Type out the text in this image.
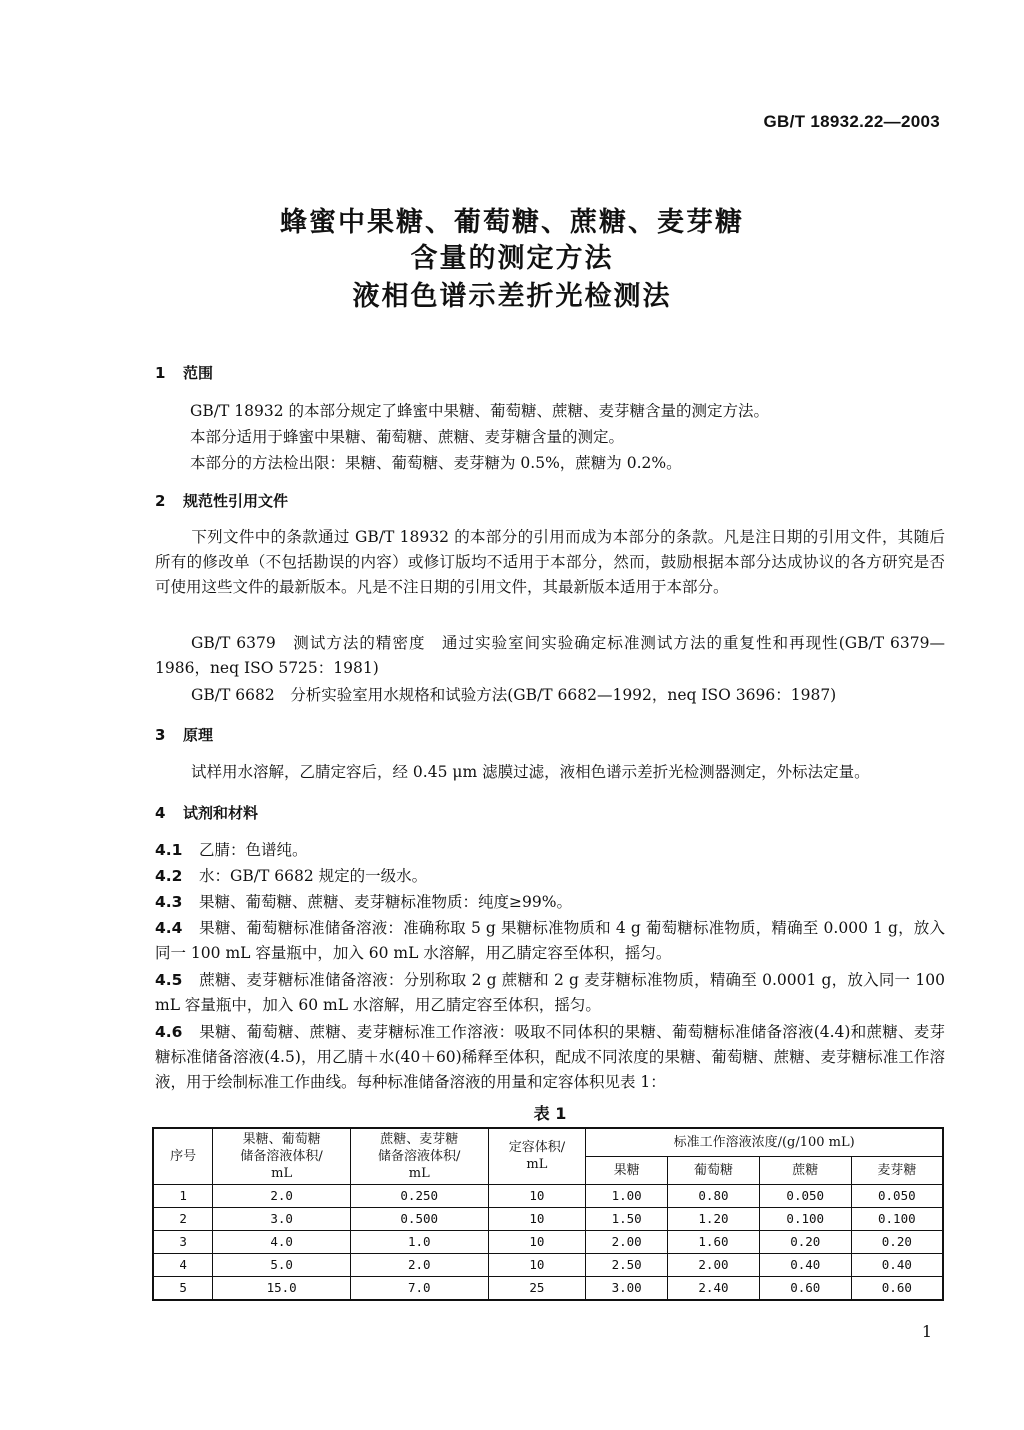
GB/T 18932.22—2003
蜂蜜中果糖、葡萄糖、蔗糖、麦芽糖
含量的测定方法
液相色谱示差折光检测法
1 范围
GB/T 18932 的本部分规定了蜂蜜中果糖、葡萄糖、蔗糖、麦芽糖含量的测定方法。
本部分适用于蜂蜜中果糖、葡萄糖、蔗糖、麦芽糖含量的测定。
本部分的方法检出限：果糖、葡萄糖、麦芽糖为 0.5%，蔗糖为 0.2%。
2 规范性引用文件
下列文件中的条款通过 GB/T 18932 的本部分的引用而成为本部分的条款。凡是注日期的引用文件，其随后所有的修改单（不包括勘误的内容）或修订版均不适用于本部分，然而，鼓励根据本部分达成协议的各方研究是否可使用这些文件的最新版本。凡是不注日期的引用文件，其最新版本适用于本部分。
GB/T 6379　测试方法的精密度　通过实验室间实验确定标准测试方法的重复性和再现性(GB/T 6379—1986，neq ISO 5725：1981)
GB/T 6682　分析实验室用水规格和试验方法(GB/T 6682—1992，neq ISO 3696：1987)
3 原理
试样用水溶解，乙腈定容后，经 0.45 μm 滤膜过滤，液相色谱示差折光检测器测定，外标法定量。
4 试剂和材料
4.1 乙腈：色谱纯。
4.2 水：GB/T 6682 规定的一级水。
4.3 果糖、葡萄糖、蔗糖、麦芽糖标准物质：纯度≥99%。
4.4 果糖、葡萄糖标准储备溶液：准确称取 5 g 果糖标准物质和 4 g 葡萄糖标准物质，精确至 0.000 1 g，放入同一 100 mL 容量瓶中，加入 60 mL 水溶解，用乙腈定容至体积，摇匀。
4.5 蔗糖、麦芽糖标准储备溶液：分别称取 2 g 蔗糖和 2 g 麦芽糖标准物质，精确至 0.0001 g，放入同一 100 mL 容量瓶中，加入 60 mL 水溶解，用乙腈定容至体积，摇匀。
4.6 果糖、葡萄糖、蔗糖、麦芽糖标准工作溶液：吸取不同体积的果糖、葡萄糖标准储备溶液(4.4)和蔗糖、麦芽糖标准储备溶液(4.5)，用乙腈＋水(40＋60)稀释至体积，配成不同浓度的果糖、葡萄糖、蔗糖、麦芽糖标准工作溶液，用于绘制标准工作曲线。每种标准储备溶液的用量和定容体积见表 1：
表 1
序号	果糖、葡萄糖
储备溶液体积/
mL	蔗糖、麦芽糖
储备溶液体积/
mL	定容体积/
mL	标准工作溶液浓度/(g/100 mL)			
				果糖	葡萄糖	蔗糖	麦芽糖
1	2.0	0.250	10	1.00	0.80	0.050	0.050
2	3.0	0.500	10	1.50	1.20	0.100	0.100
3	4.0	1.0	10	2.00	1.60	0.20	0.20
4	5.0	2.0	10	2.50	2.00	0.40	0.40
5	15.0	7.0	25	3.00	2.40	0.60	0.60
1
